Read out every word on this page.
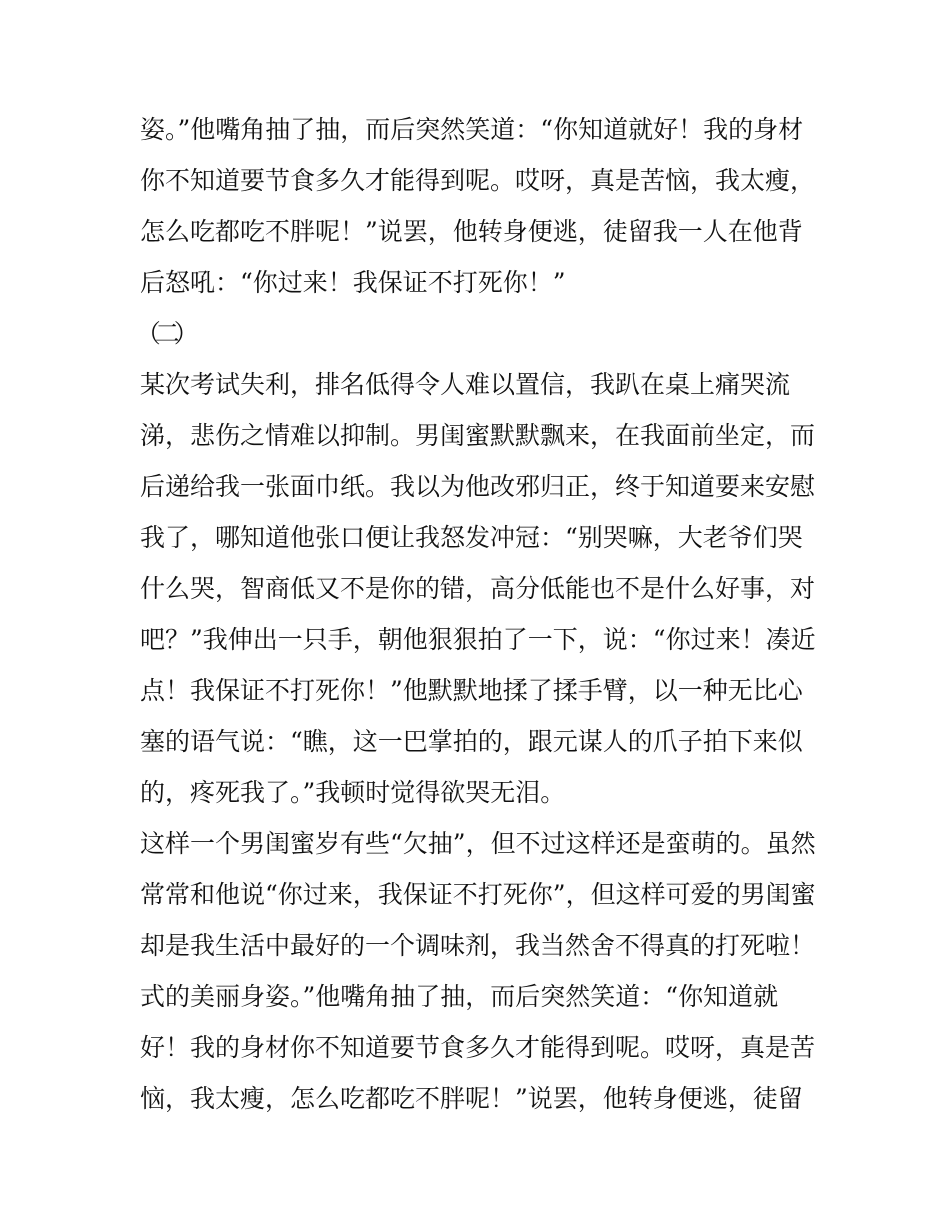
姿。”他嘴角抽了抽，而后突然笑道：“你知道就好！我的身材
你不知道要节食多久才能得到呢。哎呀，真是苦恼，我太瘦，
怎么吃都吃不胖呢！”说罢，他转身便逃，徒留我一人在他背
后怒吼：“你过来！我保证不打死你！”
（二）
某次考试失利，排名低得令人难以置信，我趴在桌上痛哭流
涕，悲伤之情难以抑制。男闺蜜默默飘来，在我面前坐定，而
后递给我一张面巾纸。我以为他改邪归正，终于知道要来安慰
我了，哪知道他张口便让我怒发冲冠：“别哭嘛，大老爷们哭
什么哭，智商低又不是你的错，高分低能也不是什么好事，对
吧？”我伸出一只手，朝他狠狠拍了一下，说：“你过来！凑近
点！我保证不打死你！”他默默地揉了揉手臂，以一种无比心
塞的语气说：“瞧，这一巴掌拍的，跟元谋人的爪子拍下来似
的，疼死我了。”我顿时觉得欲哭无泪。
这样一个男闺蜜岁有些“欠抽”，但不过这样还是蛮萌的。虽然
常常和他说“你过来，我保证不打死你”，但这样可爱的男闺蜜
却是我生活中最好的一个调味剂，我当然舍不得真的打死啦！
式的美丽身姿。”他嘴角抽了抽，而后突然笑道：“你知道就
好！我的身材你不知道要节食多久才能得到呢。哎呀，真是苦
恼，我太瘦，怎么吃都吃不胖呢！”说罢，他转身便逃，徒留
